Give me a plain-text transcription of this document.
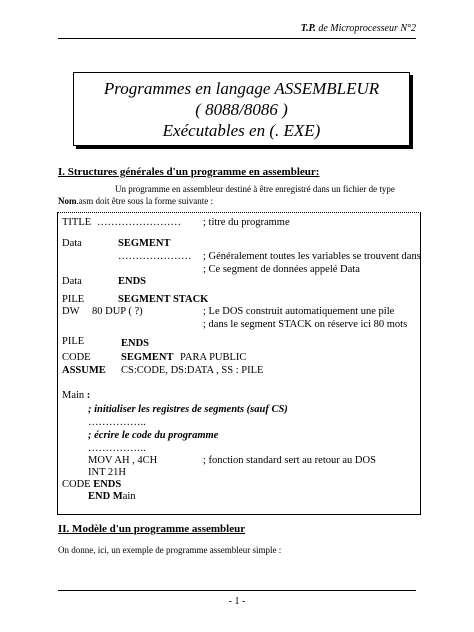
T.P. de Microprocesseur N°2
Programmes en langage ASSEMBLEUR
( 8088/8086 )
Exécutables en (. EXE)
I. Structures générales d'un programme en assembleur:
Un programme en assembleur destiné à être enregistré dans un fichier de type
Nom.asm doit être sous la forme suivante :
TITLE …………………… ; titre du programme
Data	SEGMENT
………………… ; Généralement toutes les variables se trouvent dans
; Ce segment de données appelé Data
Data	ENDS
PILE	SEGMENT STACK
DW 80 DUP ( ?)	; Le DOS construit automatiquement une pile
; dans le segment STACK on réserve ici 80 mots
PILE	ENDS
CODE	SEGMENT PARA PUBLIC
ASSUME CS:CODE, DS:DATA , SS : PILE
Main :
; initialiser les registres de segments (sauf CS)
……………..
; écrire le code du programme
……………..
MOV AH , 4CH	; fonction standard sert au retour au DOS
INT 21H
CODE ENDS
END Main
II. Modèle d'un programme assembleur
On donne, ici, un exemple de programme assembleur simple :
- 1 -
